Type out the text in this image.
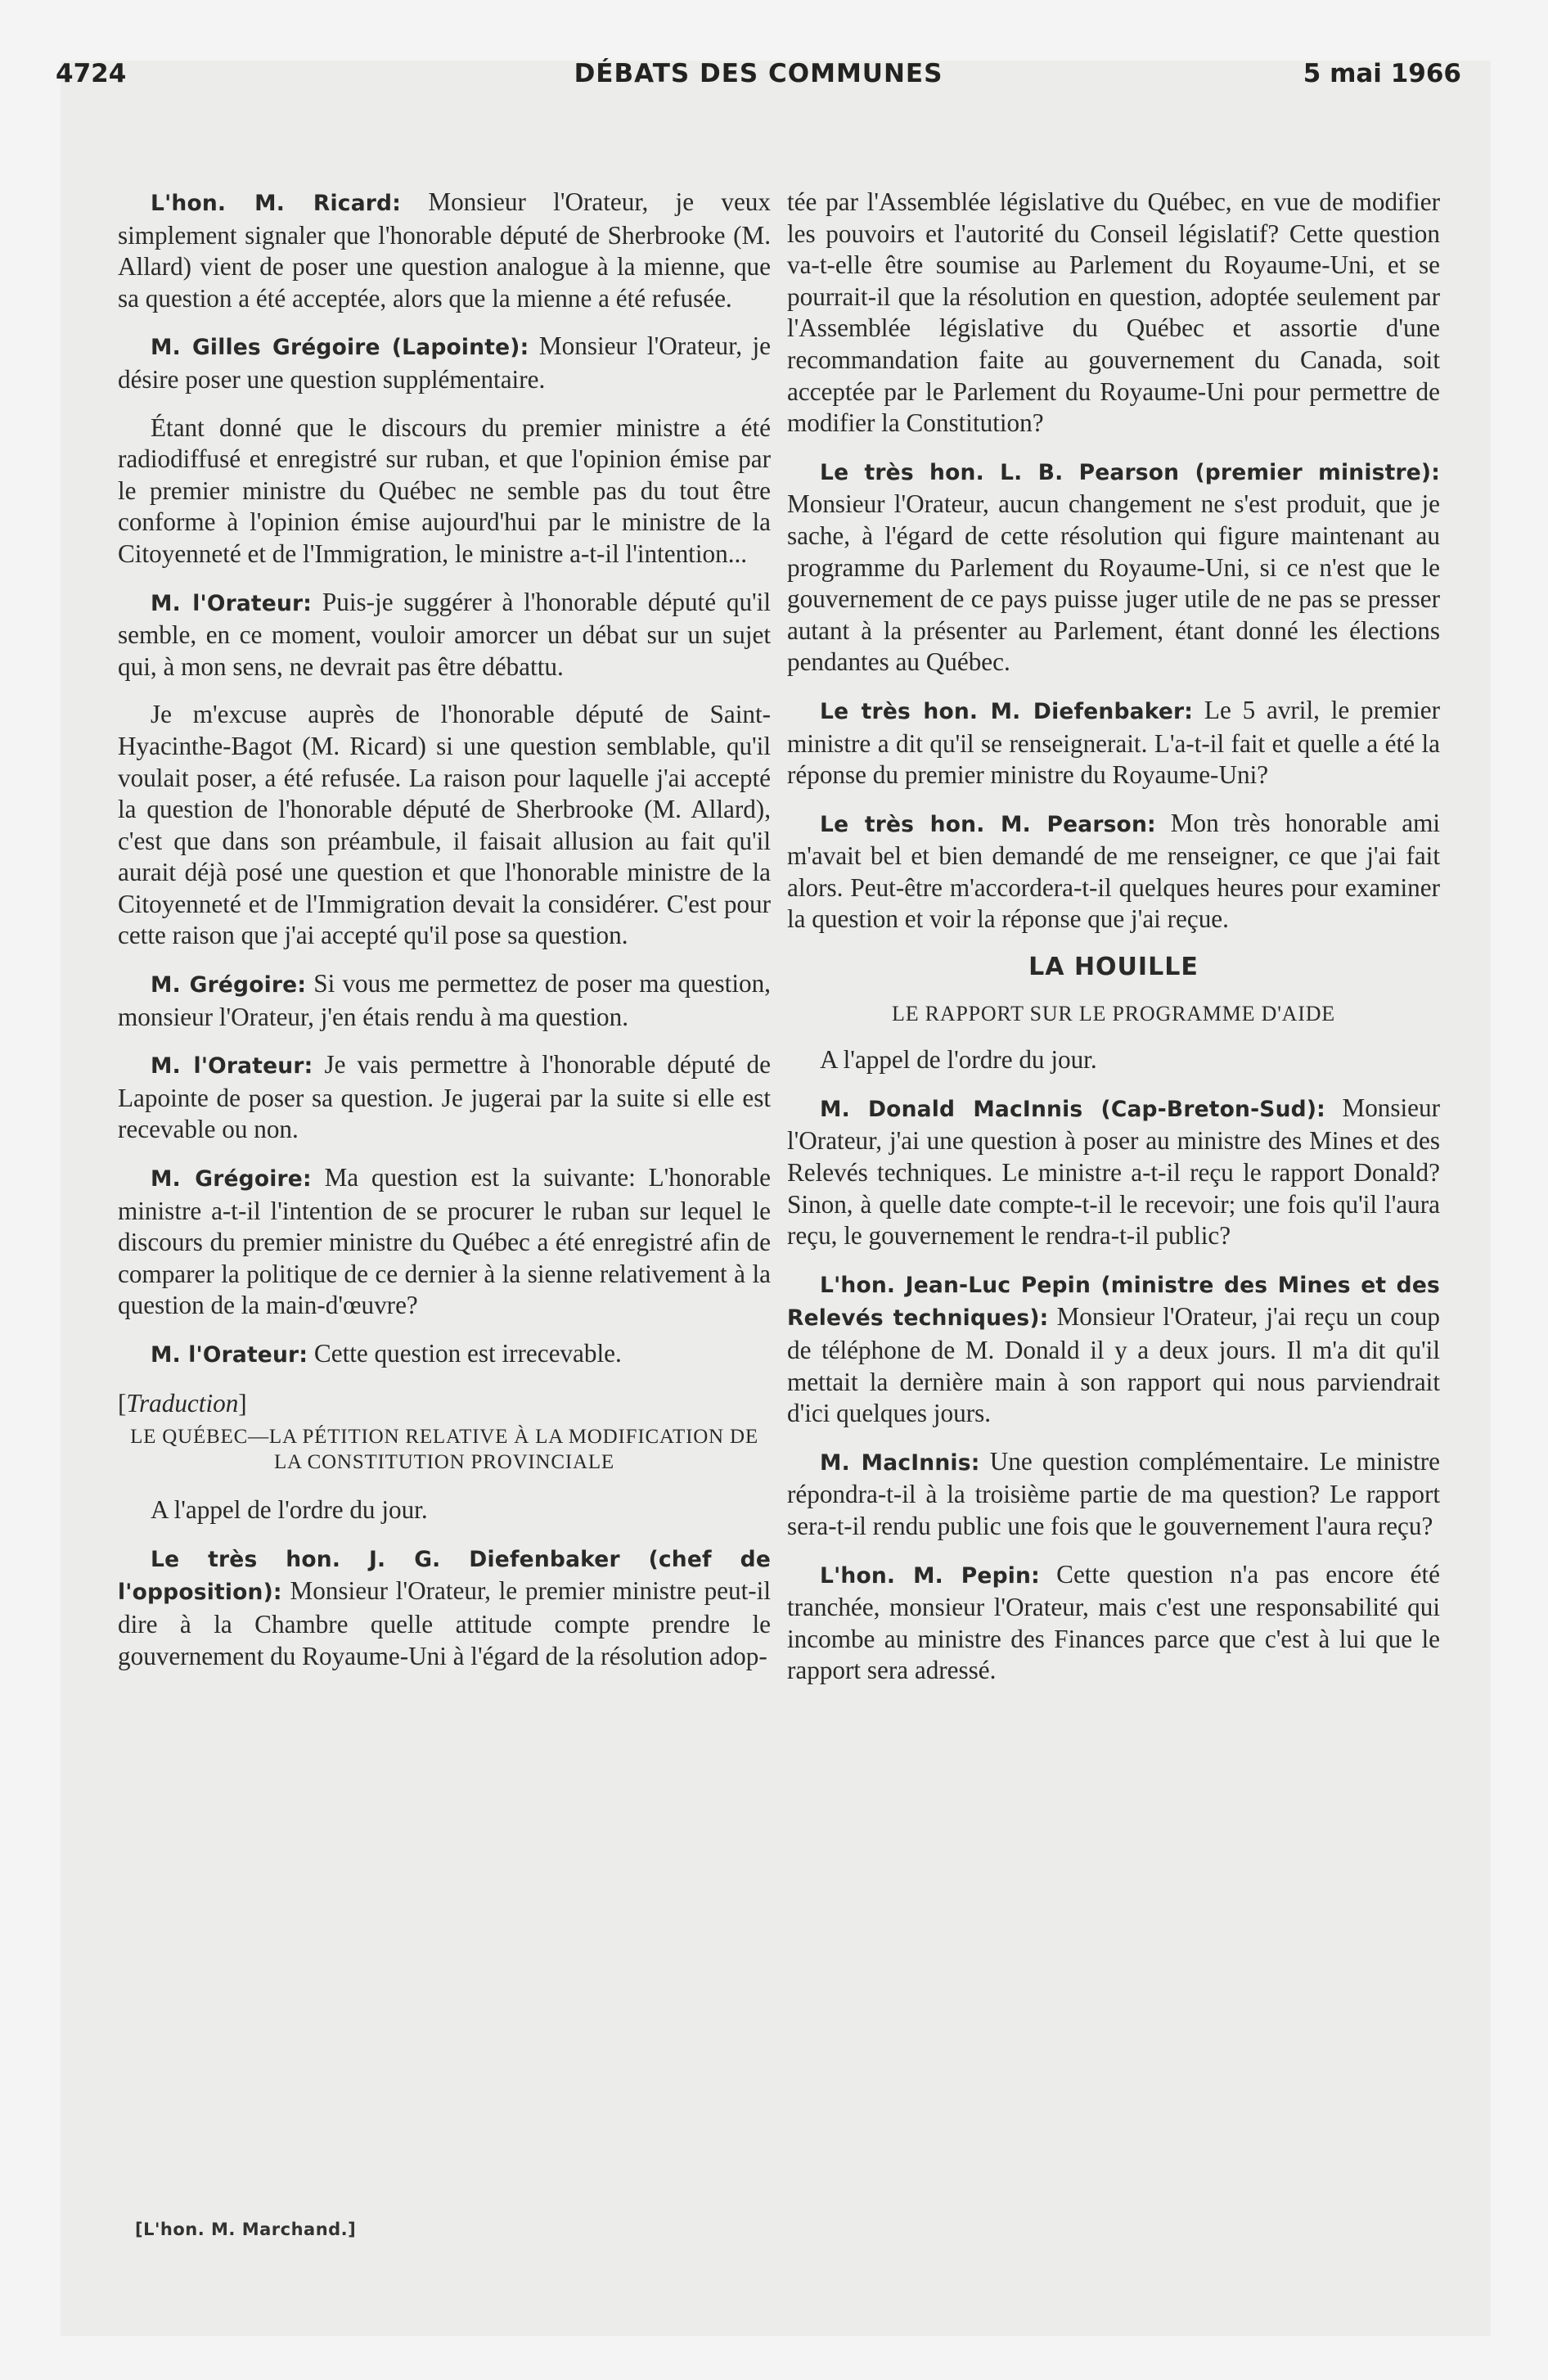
4724	DÉBATS DES COMMUNES	5 mai 1966

L'hon. M. Ricard: Monsieur l'Orateur, je veux simplement signaler que l'honorable député de Sherbrooke (M. Allard) vient de poser une question analogue à la mienne, que sa question a été acceptée, alors que la mienne a été refusée.

M. Gilles Grégoire (Lapointe): Monsieur l'Orateur, je désire poser une question supplémentaire.

Étant donné que le discours du premier ministre a été radiodiffusé et enregistré sur ruban, et que l'opinion émise par le premier ministre du Québec ne semble pas du tout être conforme à l'opinion émise aujourd'hui par le ministre de la Citoyenneté et de l'Immigration, le ministre a-t-il l'intention...

M. l'Orateur: Puis-je suggérer à l'honorable député qu'il semble, en ce moment, vouloir amorcer un débat sur un sujet qui, à mon sens, ne devrait pas être débattu.

Je m'excuse auprès de l'honorable député de Saint-Hyacinthe-Bagot (M. Ricard) si une question semblable, qu'il voulait poser, a été refusée. La raison pour laquelle j'ai accepté la question de l'honorable député de Sherbrooke (M. Allard), c'est que dans son préambule, il faisait allusion au fait qu'il aurait déjà posé une question et que l'honorable ministre de la Citoyenneté et de l'Immigration devait la considérer. C'est pour cette raison que j'ai accepté qu'il pose sa question.

M. Grégoire: Si vous me permettez de poser ma question, monsieur l'Orateur, j'en étais rendu à ma question.

M. l'Orateur: Je vais permettre à l'honorable député de Lapointe de poser sa question. Je jugerai par la suite si elle est recevable ou non.

M. Grégoire: Ma question est la suivante: L'honorable ministre a-t-il l'intention de se procurer le ruban sur lequel le discours du premier ministre du Québec a été enregistré afin de comparer la politique de ce dernier à la sienne relativement à la question de la main-d'œuvre?

M. l'Orateur: Cette question est irrecevable.

[Traduction]
LE QUÉBEC—LA PÉTITION RELATIVE À LA MODIFICATION DE LA CONSTITUTION PROVINCIALE

A l'appel de l'ordre du jour.

Le très hon. J. G. Diefenbaker (chef de l'opposition): Monsieur l'Orateur, le premier ministre peut-il dire à la Chambre quelle attitude compte prendre le gouvernement du Royaume-Uni à l'égard de la résolution adop-

tée par l'Assemblée législative du Québec, en vue de modifier les pouvoirs et l'autorité du Conseil législatif? Cette question va-t-elle être soumise au Parlement du Royaume-Uni, et se pourrait-il que la résolution en question, adoptée seulement par l'Assemblée législative du Québec et assortie d'une recommandation faite au gouvernement du Canada, soit acceptée par le Parlement du Royaume-Uni pour permettre de modifier la Constitution?

Le très hon. L. B. Pearson (premier ministre): Monsieur l'Orateur, aucun changement ne s'est produit, que je sache, à l'égard de cette résolution qui figure maintenant au programme du Parlement du Royaume-Uni, si ce n'est que le gouvernement de ce pays puisse juger utile de ne pas se presser autant à la présenter au Parlement, étant donné les élections pendantes au Québec.

Le très hon. M. Diefenbaker: Le 5 avril, le premier ministre a dit qu'il se renseignerait. L'a-t-il fait et quelle a été la réponse du premier ministre du Royaume-Uni?

Le très hon. M. Pearson: Mon très honorable ami m'avait bel et bien demandé de me renseigner, ce que j'ai fait alors. Peut-être m'accordera-t-il quelques heures pour examiner la question et voir la réponse que j'ai reçue.

LA HOUILLE
LE RAPPORT SUR LE PROGRAMME D'AIDE

A l'appel de l'ordre du jour.

M. Donald MacInnis (Cap-Breton-Sud): Monsieur l'Orateur, j'ai une question à poser au ministre des Mines et des Relevés techniques. Le ministre a-t-il reçu le rapport Donald? Sinon, à quelle date compte-t-il le recevoir; une fois qu'il l'aura reçu, le gouvernement le rendra-t-il public?

L'hon. Jean-Luc Pepin (ministre des Mines et des Relevés techniques): Monsieur l'Orateur, j'ai reçu un coup de téléphone de M. Donald il y a deux jours. Il m'a dit qu'il mettait la dernière main à son rapport qui nous parviendrait d'ici quelques jours.

M. MacInnis: Une question complémentaire. Le ministre répondra-t-il à la troisième partie de ma question? Le rapport sera-t-il rendu public une fois que le gouvernement l'aura reçu?

L'hon. M. Pepin: Cette question n'a pas encore été tranchée, monsieur l'Orateur, mais c'est une responsabilité qui incombe au ministre des Finances parce que c'est à lui que le rapport sera adressé.

[L'hon. M. Marchand.]
